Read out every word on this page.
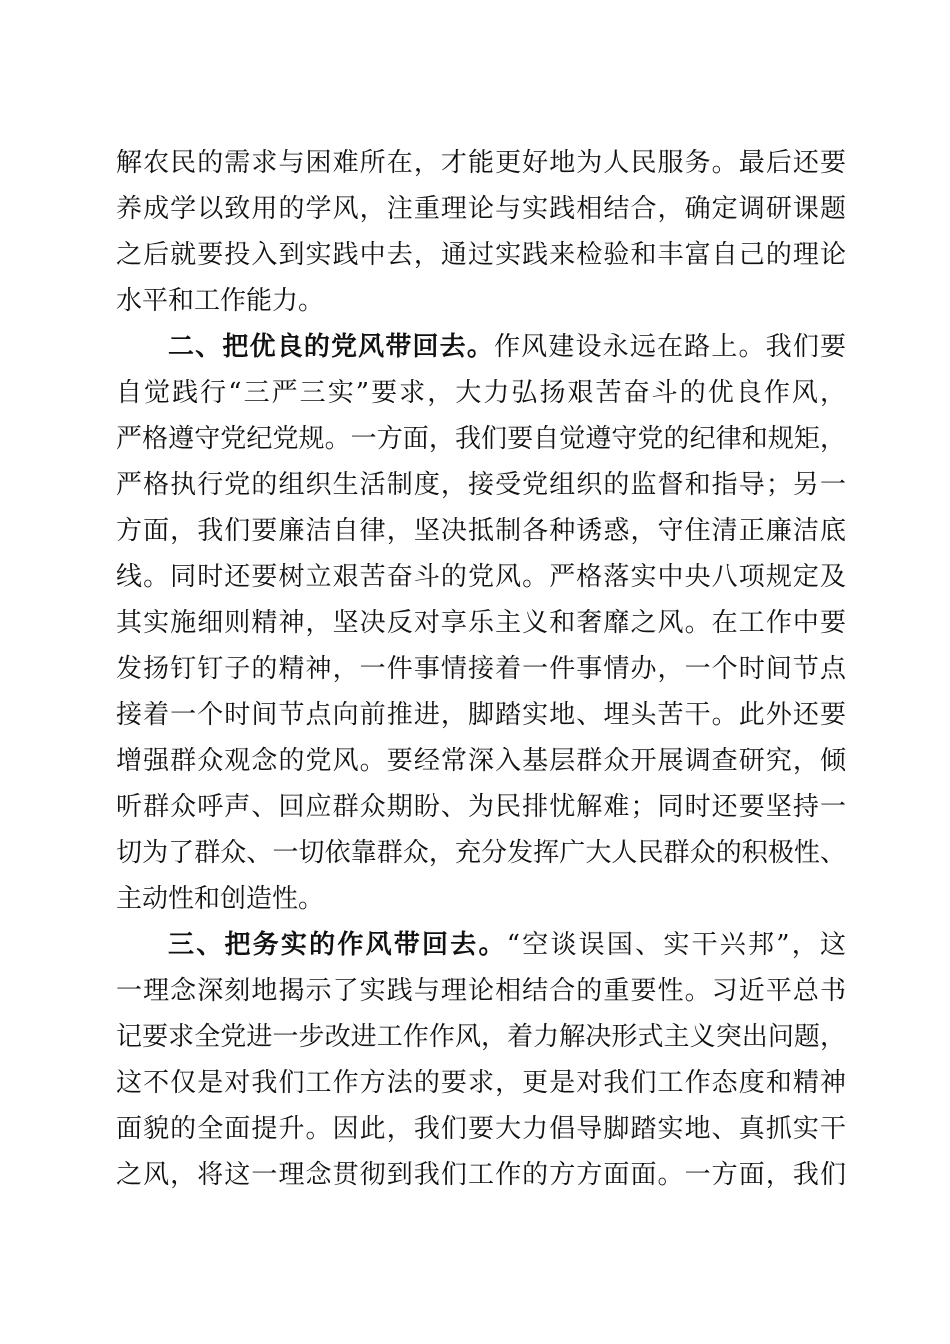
解农民的需求与困难所在，才能更好地为人民服务。最后还要
养成学以致用的学风，注重理论与实践相结合，确定调研课题
之后就要投入到实践中去，通过实践来检验和丰富自己的理论
水平和工作能力。
二、把优良的党风带回去。作风建设永远在路上。我们要
自觉践行“三严三实”要求，大力弘扬艰苦奋斗的优良作风，
严格遵守党纪党规。一方面，我们要自觉遵守党的纪律和规矩，
严格执行党的组织生活制度，接受党组织的监督和指导；另一
方面，我们要廉洁自律，坚决抵制各种诱惑，守住清正廉洁底
线。同时还要树立艰苦奋斗的党风。严格落实中央八项规定及
其实施细则精神，坚决反对享乐主义和奢靡之风。在工作中要
发扬钉钉子的精神，一件事情接着一件事情办，一个时间节点
接着一个时间节点向前推进，脚踏实地、埋头苦干。此外还要
增强群众观念的党风。要经常深入基层群众开展调查研究，倾
听群众呼声、回应群众期盼、为民排忧解难；同时还要坚持一
切为了群众、一切依靠群众，充分发挥广大人民群众的积极性、
主动性和创造性。
三、把务实的作风带回去。“空谈误国、实干兴邦”，这
一理念深刻地揭示了实践与理论相结合的重要性。习近平总书
记要求全党进一步改进工作作风，着力解决形式主义突出问题，
这不仅是对我们工作方法的要求，更是对我们工作态度和精神
面貌的全面提升。因此，我们要大力倡导脚踏实地、真抓实干
之风，将这一理念贯彻到我们工作的方方面面。一方面，我们
